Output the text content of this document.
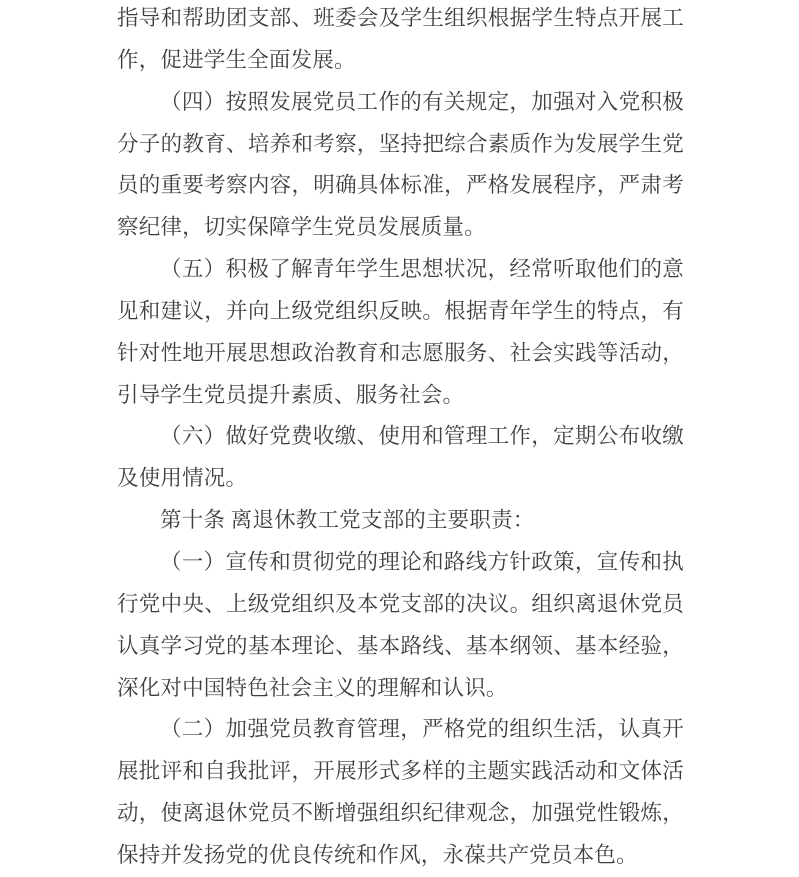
指导和帮助团支部、班委会及学生组织根据学生特点开展工作，促进学生全面发展。

（四）按照发展党员工作的有关规定，加强对入党积极分子的教育、培养和考察，坚持把综合素质作为发展学生党员的重要考察内容，明确具体标准，严格发展程序，严肃考察纪律，切实保障学生党员发展质量。

（五）积极了解青年学生思想状况，经常听取他们的意见和建议，并向上级党组织反映。根据青年学生的特点，有针对性地开展思想政治教育和志愿服务、社会实践等活动，引导学生党员提升素质、服务社会。

（六）做好党费收缴、使用和管理工作，定期公布收缴及使用情况。

第十条 离退休教工党支部的主要职责：

（一）宣传和贯彻党的理论和路线方针政策，宣传和执行党中央、上级党组织及本党支部的决议。组织离退休党员认真学习党的基本理论、基本路线、基本纲领、基本经验，深化对中国特色社会主义的理解和认识。

（二）加强党员教育管理，严格党的组织生活，认真开展批评和自我批评，开展形式多样的主题实践活动和文体活动，使离退休党员不断增强组织纪律观念，加强党性锻炼，保持并发扬党的优良传统和作风，永葆共产党员本色。
